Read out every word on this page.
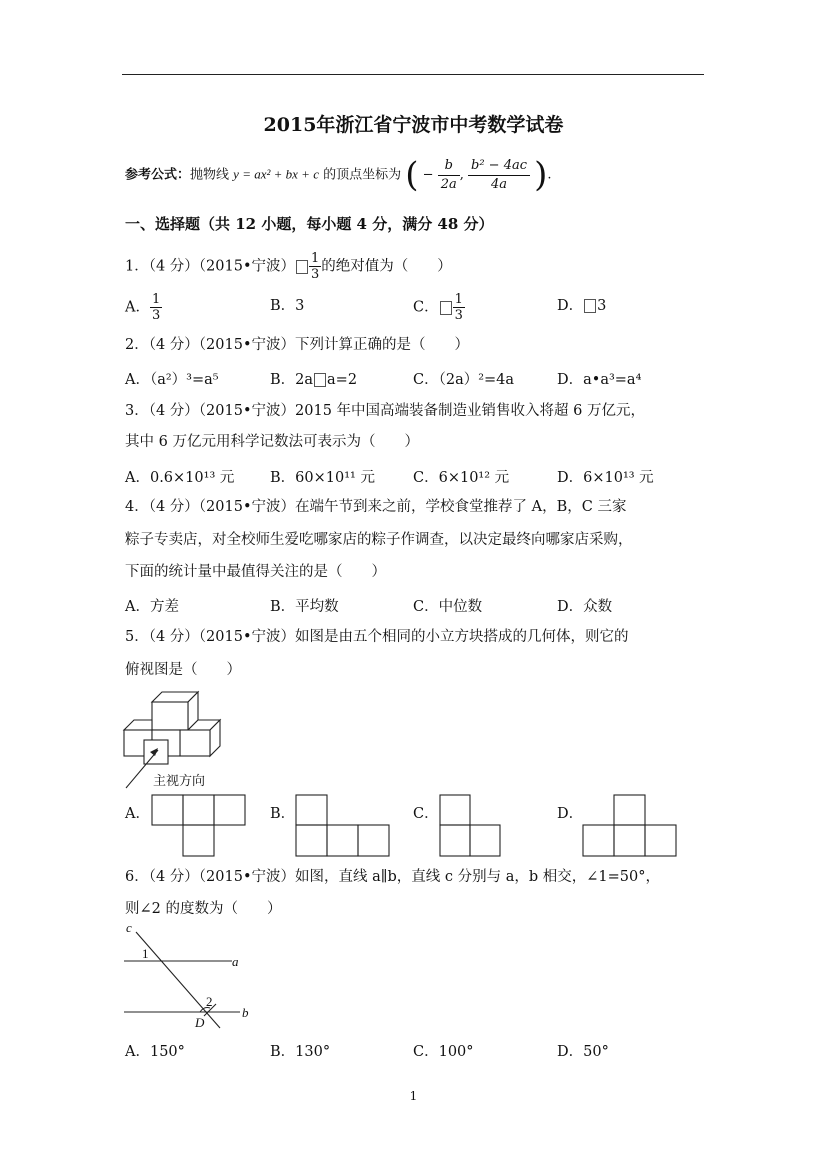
2015年浙江省宁波市中考数学试卷
参考公式：抛物线 y = ax² + bx + c 的顶点坐标为 ( − $\frac{b}{2a}$ , $\frac{\text{b² − 4ac}}{4a}$ ).
一、选择题（共 12 小题，每小题 4 分，满分 48 分）
1．（4 分）（2015•宁波） $\frac{1}{3}$ 的绝对值为（　　）
A． $\frac{1}{3}$	B．3	C． $\frac{1}{3}$	D． 3
2．（4 分）（2015•宁波）下列计算正确的是（　　）
A．（a²）³=a⁵	B．2a a=2	C．（2a）²=4a	D．a•a³=a⁴
3．（4 分）（2015•宁波）2015 年中国高端装备制造业销售收入将超 6 万亿元，
其中 6 万亿元用科学记数法可表示为（　　）
A．0.6×10¹³ 元 B．60×10¹¹ 元	C．6×10¹² 元	D．6×10¹³ 元
4．（4 分）（2015•宁波）在端午节到来之前，学校食堂推荐了 A，B，C 三家
粽子专卖店，对全校师生爱吃哪家店的粽子作调查，以决定最终向哪家店采购，
下面的统计量中最值得关注的是（　　）
A．方差	B．平均数	C．中位数	D．众数
5．（4 分）（2015•宁波）如图是由五个相同的小立方块搭成的几何体，则它的
俯视图是（　　）
主视方向
A．	B．	C．	D．
6．（4 分）（2015•宁波）如图，直线 a∥b，直线 c 分别与 a，b 相交，∠1=50°，
则∠2 的度数为（　　）
c
a
b
D
1
2
A．150°	B．130°	C．100°	D．50°
1
